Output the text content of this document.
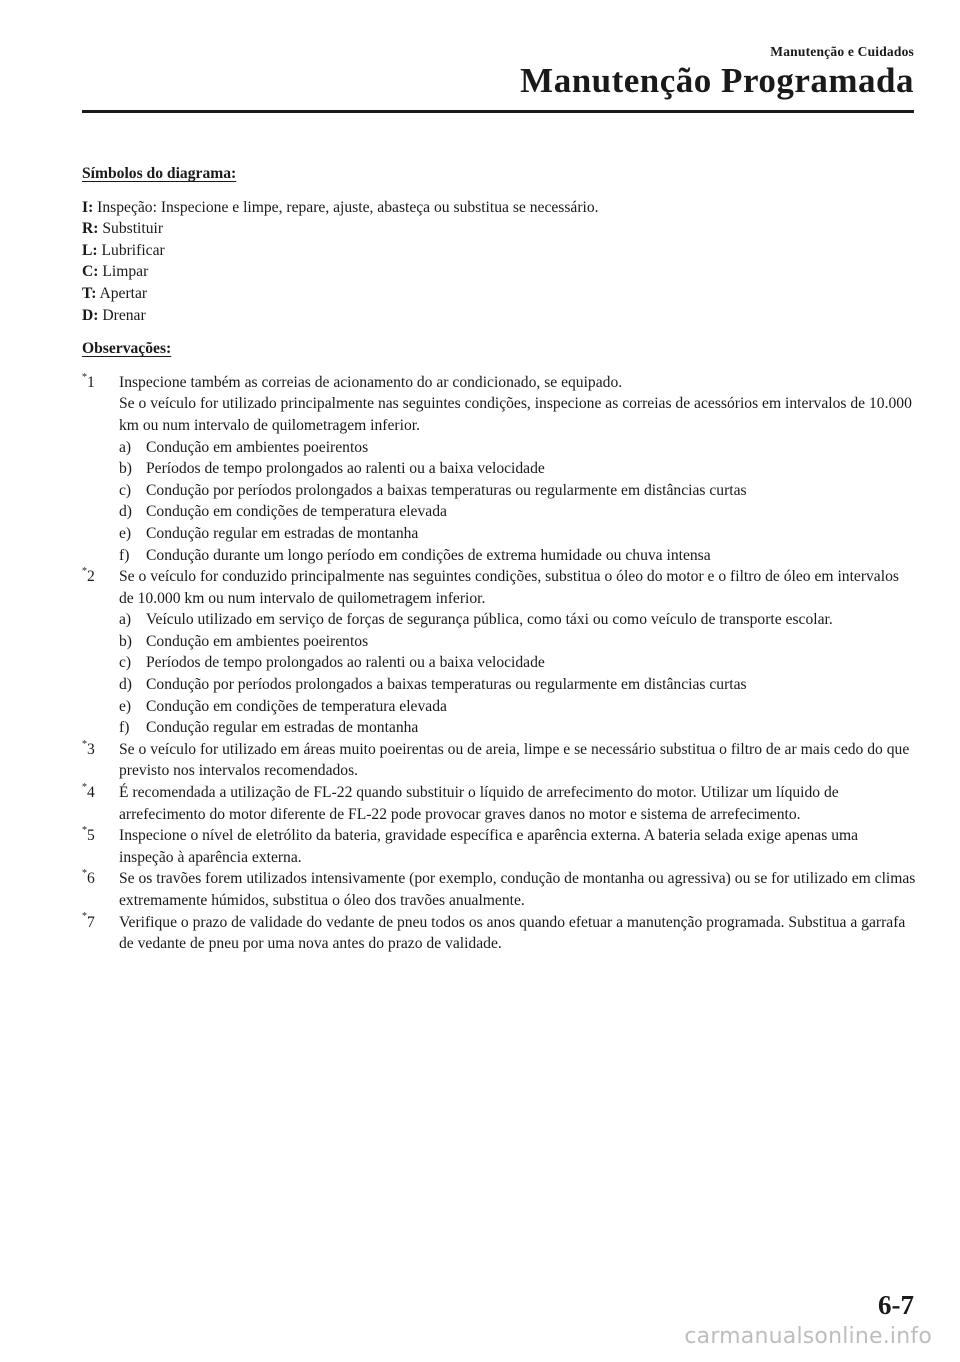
Manutenção e Cuidados
Manutenção Programada
Símbolos do diagrama:
I: Inspeção: Inspecione e limpe, repare, ajuste, abasteça ou substitua se necessário.
R: Substituir
L: Lubrificar
C: Limpar
T: Apertar
D: Drenar
Observações:
*1 Inspecione também as correias de acionamento do ar condicionado, se equipado.
Se o veículo for utilizado principalmente nas seguintes condições, inspecione as correias de acessórios em intervalos de 10.000 km ou num intervalo de quilometragem inferior.
a) Condução em ambientes poeirentos
b) Períodos de tempo prolongados ao ralenti ou a baixa velocidade
c) Condução por períodos prolongados a baixas temperaturas ou regularmente em distâncias curtas
d) Condução em condições de temperatura elevada
e) Condução regular em estradas de montanha
f) Condução durante um longo período em condições de extrema humidade ou chuva intensa
*2 Se o veículo for conduzido principalmente nas seguintes condições, substitua o óleo do motor e o filtro de óleo em intervalos de 10.000 km ou num intervalo de quilometragem inferior.
a) Veículo utilizado em serviço de forças de segurança pública, como táxi ou como veículo de transporte escolar.
b) Condução em ambientes poeirentos
c) Períodos de tempo prolongados ao ralenti ou a baixa velocidade
d) Condução por períodos prolongados a baixas temperaturas ou regularmente em distâncias curtas
e) Condução em condições de temperatura elevada
f) Condução regular em estradas de montanha
*3 Se o veículo for utilizado em áreas muito poeirentas ou de areia, limpe e se necessário substitua o filtro de ar mais cedo do que previsto nos intervalos recomendados.
*4 É recomendada a utilização de FL-22 quando substituir o líquido de arrefecimento do motor. Utilizar um líquido de arrefecimento do motor diferente de FL-22 pode provocar graves danos no motor e sistema de arrefecimento.
*5 Inspecione o nível de eletrólito da bateria, gravidade específica e aparência externa. A bateria selada exige apenas uma inspeção à aparência externa.
*6 Se os travões forem utilizados intensivamente (por exemplo, condução de montanha ou agressiva) ou se for utilizado em climas extremamente húmidos, substitua o óleo dos travões anualmente.
*7 Verifique o prazo de validade do vedante de pneu todos os anos quando efetuar a manutenção programada. Substitua a garrafa de vedante de pneu por uma nova antes do prazo de validade.
6-7
carmanualsonline.info
